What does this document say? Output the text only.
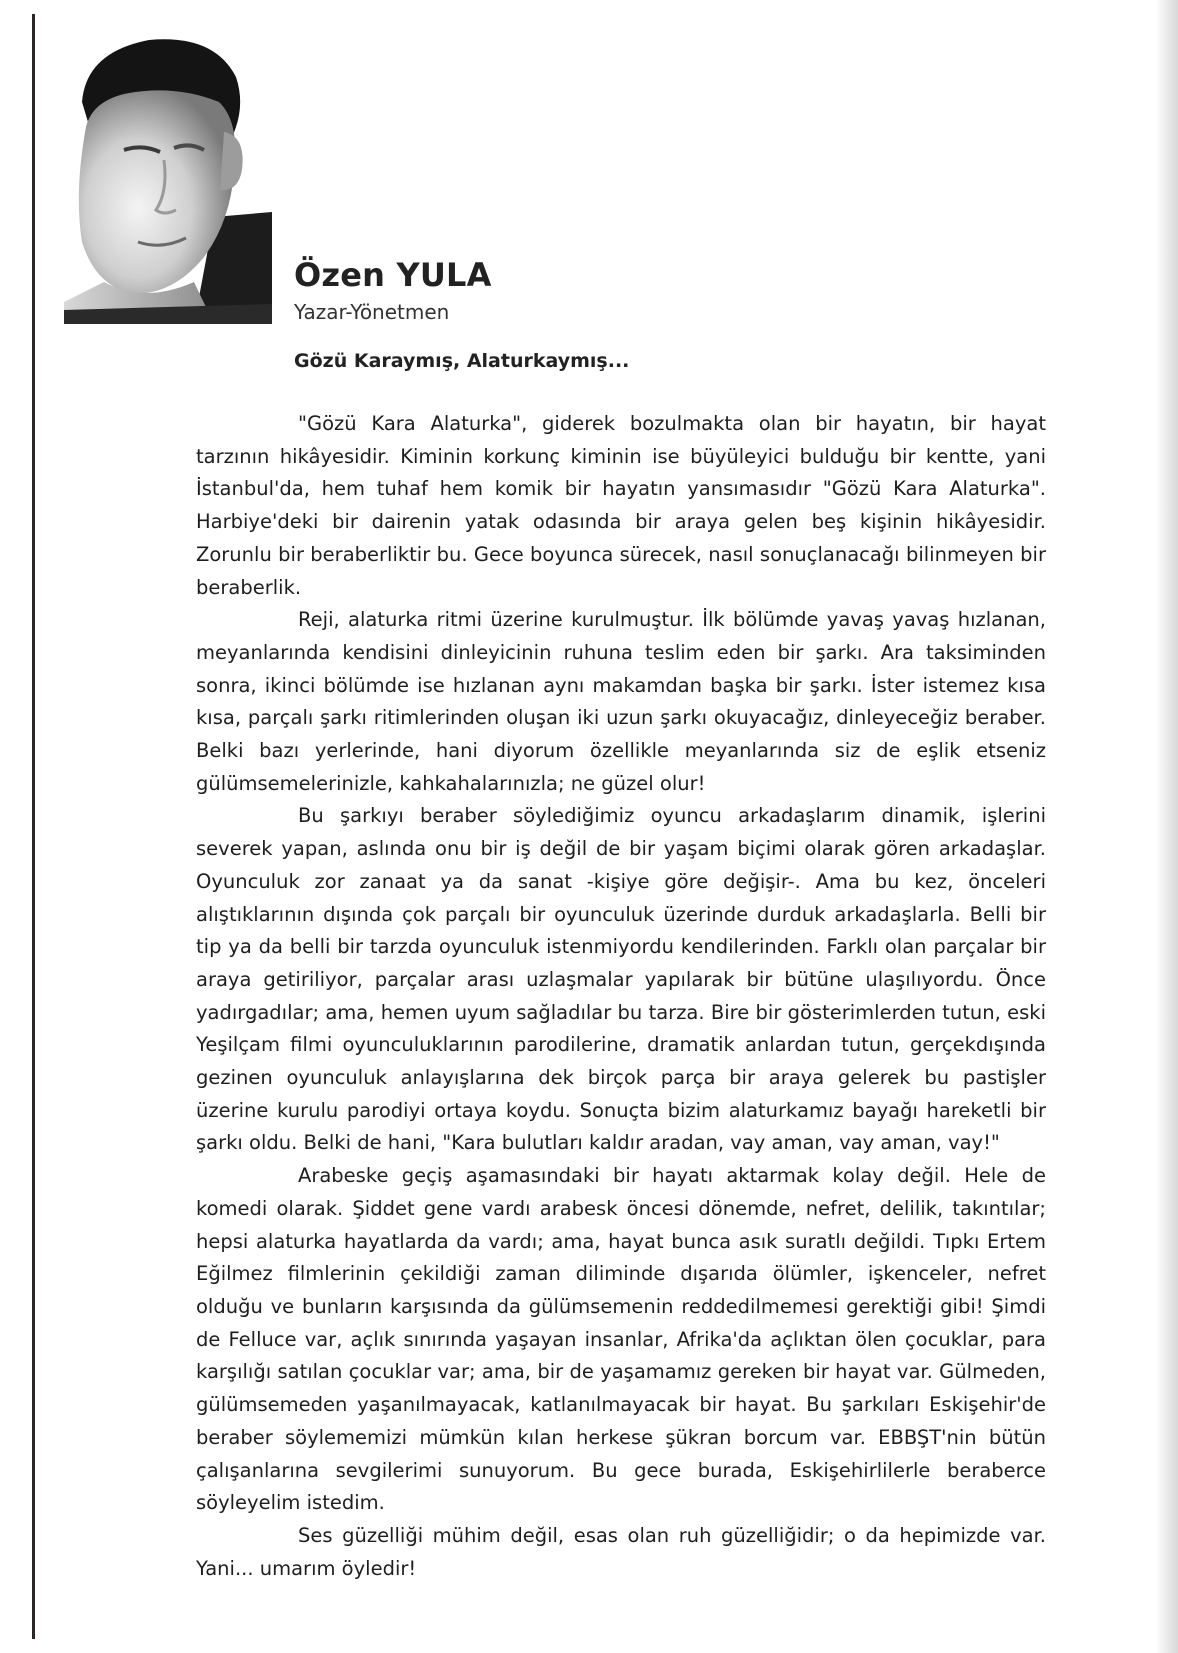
Özen YULA
Yazar-Yönetmen
Gözü Karaymış, Alaturkaymış...

"Gözü Kara Alaturka", giderek bozulmakta olan bir hayatın, bir hayat tarzının hikâyesidir. Kiminin korkunç kiminin ise büyüleyici bulduğu bir kentte, yani İstanbul'da, hem tuhaf hem komik bir hayatın yansımasıdır "Gözü Kara Alaturka". Harbiye'deki bir dairenin yatak odasında bir araya gelen beş kişinin hikâyesidir. Zorunlu bir beraberliktir bu. Gece boyunca sürecek, nasıl sonuçlanacağı bilinmeyen bir beraberlik.

Reji, alaturka ritmi üzerine kurulmuştur. İlk bölümde yavaş yavaş hızlanan, meyanlarında kendisini dinleyicinin ruhuna teslim eden bir şarkı. Ara taksiminden sonra, ikinci bölümde ise hızlanan aynı makamdan başka bir şarkı. İster istemez kısa kısa, parçalı şarkı ritimlerinden oluşan iki uzun şarkı okuyacağız, dinleyeceğiz beraber. Belki bazı yerlerinde, hani diyorum özellikle meyanlarında siz de eşlik etseniz gülümsemelerinizle, kahkahalarınızla; ne güzel olur!

Bu şarkıyı beraber söylediğimiz oyuncu arkadaşlarım dinamik, işlerini severek yapan, aslında onu bir iş değil de bir yaşam biçimi olarak gören arkadaşlar. Oyunculuk zor zanaat ya da sanat -kişiye göre değişir-. Ama bu kez, önceleri alıştıklarının dışında çok parçalı bir oyunculuk üzerinde durduk arkadaşlarla. Belli bir tip ya da belli bir tarzda oyunculuk istenmiyordu kendilerinden. Farklı olan parçalar bir araya getiriliyor, parçalar arası uzlaşmalar yapılarak bir bütüne ulaşılıyordu. Önce yadırgadılar; ama, hemen uyum sağladılar bu tarza. Bire bir gösterimlerden tutun, eski Yeşilçam filmi oyunculuklarının parodilerine, dramatik anlardan tutun, gerçekdışında gezinen oyunculuk anlayışlarına dek birçok parça bir araya gelerek bu pastişler üzerine kurulu parodiyi ortaya koydu. Sonuçta bizim alaturkamız bayağı hareketli bir şarkı oldu. Belki de hani, "Kara bulutları kaldır aradan, vay aman, vay aman, vay!"

Arabeske geçiş aşamasındaki bir hayatı aktarmak kolay değil. Hele de komedi olarak. Şiddet gene vardı arabesk öncesi dönemde, nefret, delilik, takıntılar; hepsi alaturka hayatlarda da vardı; ama, hayat bunca asık suratlı değildi. Tıpkı Ertem Eğilmez filmlerinin çekildiği zaman diliminde dışarıda ölümler, işkenceler, nefret olduğu ve bunların karşısında da gülümsemenin reddedilmemesi gerektiği gibi! Şimdi de Felluce var, açlık sınırında yaşayan insanlar, Afrika'da açlıktan ölen çocuklar, para karşılığı satılan çocuklar var; ama, bir de yaşamamız gereken bir hayat var. Gülmeden, gülümsemeden yaşanılmayacak, katlanılmayacak bir hayat. Bu şarkıları Eskişehir'de beraber söylememizi mümkün kılan herkese şükran borcum var. EBBŞT'nin bütün çalışanlarına sevgilerimi sunuyorum. Bu gece burada, Eskişehirlilerle beraberce söyleyelim istedim.

Ses güzelliği mühim değil, esas olan ruh güzelliğidir; o da hepimizde var. Yani... umarım öyledir!
